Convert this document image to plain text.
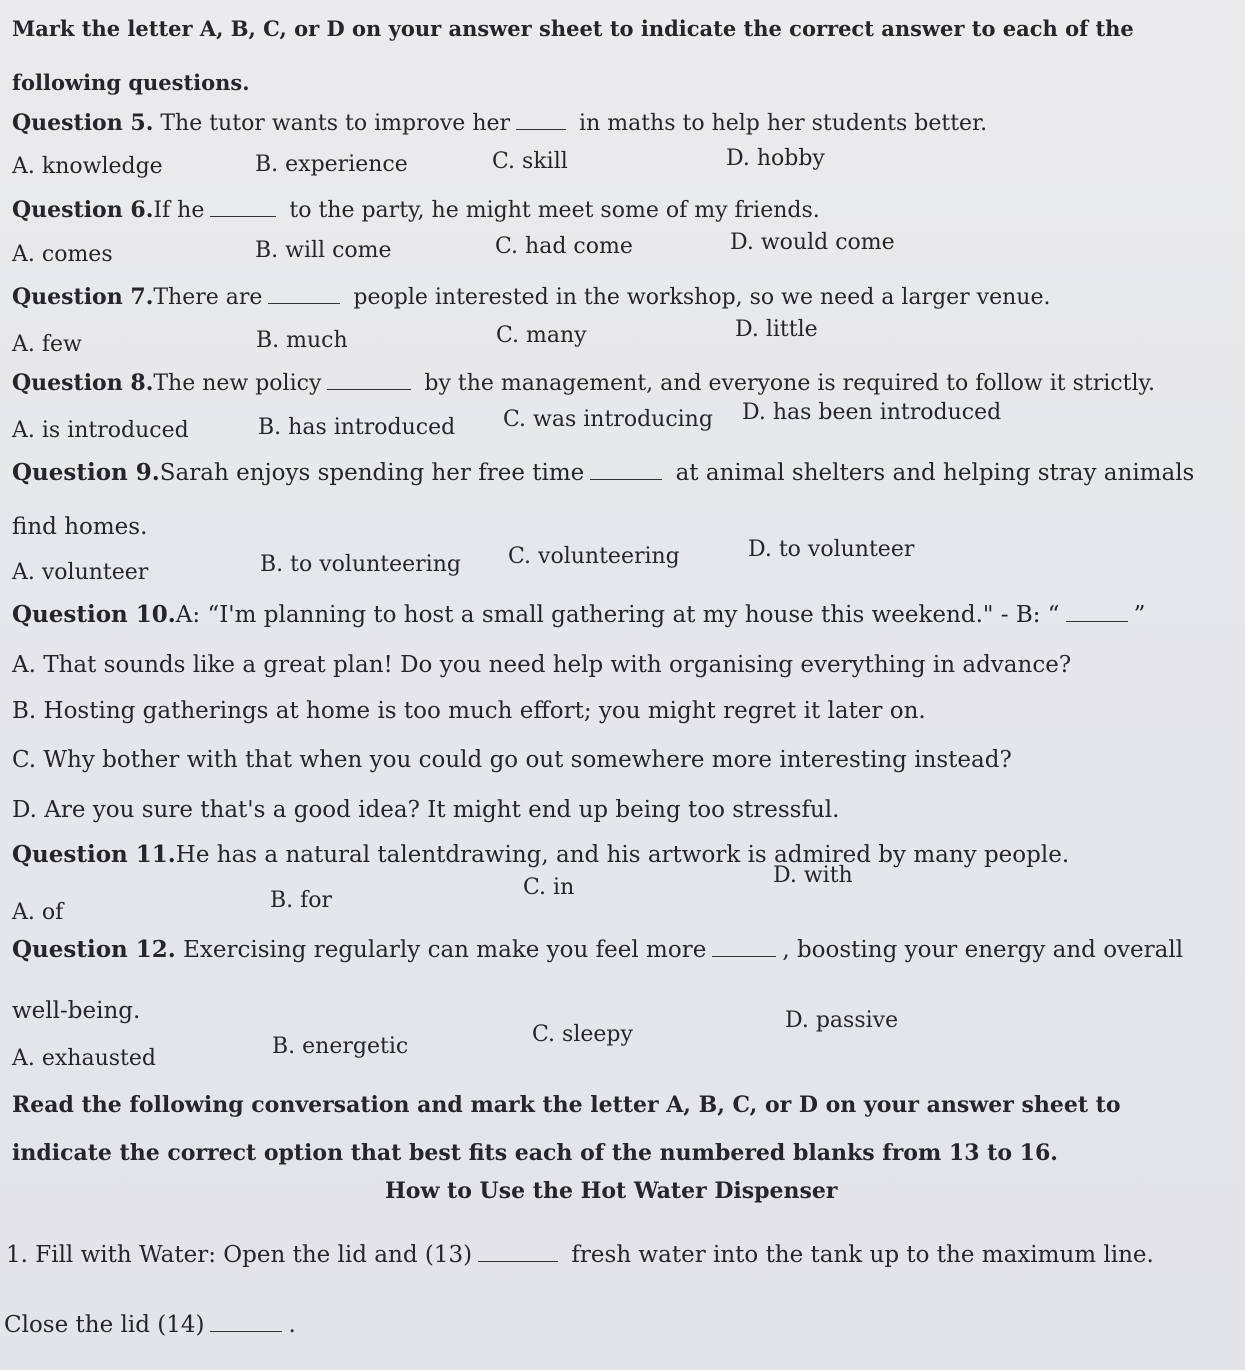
Mark the letter A, B, C, or D on your answer sheet to indicate the correct answer to each of the
following questions.
Question 5. The tutor wants to improve her	in maths to help her students better.
A. knowledge	B. experience	C. skill	D. hobby
Question 6.If he	to the party, he might meet some of my friends.
A. comes	B. will come	C. had come	D. would come
Question 7.There are	people interested in the workshop, so we need a larger venue.
A. few	B. much	C. many	D. little
Question 8.The new policy	by the management, and everyone is required to follow it strictly.
A. is introduced	B. has introduced C. was introducing D. has been introduced
Question 9.Sarah enjoys spending her free time	at animal shelters and helping stray animals
find homes.
A. volunteer	B. to volunteering C. volunteering	D. to volunteer
Question 10.A: “I'm planning to host a small gathering at my house this weekend." - B: “	”
A. That sounds like a great plan! Do you need help with organising everything in advance?
B. Hosting gatherings at home is too much effort; you might regret it later on.
C. Why bother with that when you could go out somewhere more interesting instead?
D. Are you sure that's a good idea? It might end up being too stressful.
Question 11.He has a natural talentdrawing, and his artwork is admired by many people.
A. of	B. for
C. in	D. with
Question 12. Exercising regularly can make you feel more	, boosting your energy and overall
well-being.
A. exhausted	B. energetic	C. sleepy
D. passive
Read the following conversation and mark the letter A, B, C, or D on your answer sheet to
indicate the correct option that best fits each of the numbered blanks from 13 to 16.
How to Use the Hot Water Dispenser
1. Fill with Water: Open the lid and (13)	fresh water into the tank up to the maximum line.
Close the lid (14)	.
